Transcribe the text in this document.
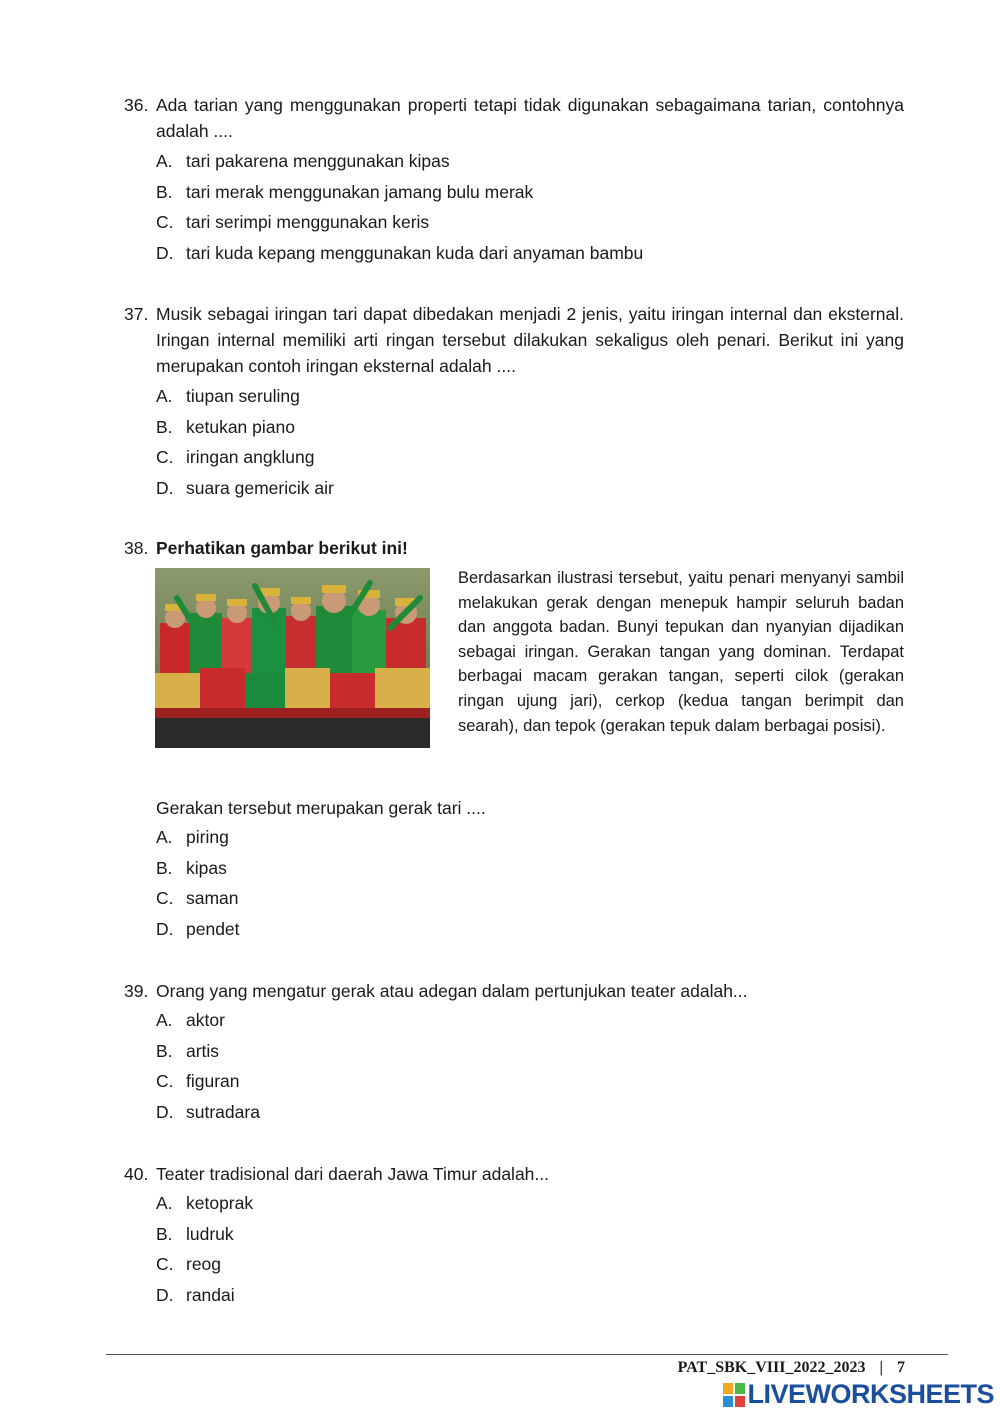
36. Ada tarian yang menggunakan properti tetapi tidak digunakan sebagaimana tarian, contohnya adalah ....
A. tari pakarena menggunakan kipas
B. tari merak menggunakan jamang bulu merak
C. tari serimpi menggunakan keris
D. tari kuda kepang menggunakan kuda dari anyaman bambu
37. Musik sebagai iringan tari dapat dibedakan menjadi 2 jenis, yaitu iringan internal dan eksternal. Iringan internal memiliki arti ringan tersebut dilakukan sekaligus oleh penari. Berikut ini yang merupakan contoh iringan eksternal adalah ....
A. tiupan seruling
B. ketukan piano
C. iringan angklung
D. suara gemericik air
38. Perhatikan gambar berikut ini!
Berdasarkan ilustrasi tersebut, yaitu penari menyanyi sambil melakukan gerak dengan menepuk hampir seluruh badan dan anggota badan. Bunyi tepukan dan nyanyian dijadikan sebagai iringan. Gerakan tangan yang dominan. Terdapat berbagai macam gerakan tangan, seperti cilok (gerakan ringan ujung jari), cerkop (kedua tangan berimpit dan searah), dan tepok (gerakan tepuk dalam berbagai posisi).
Gerakan tersebut merupakan gerak tari ....
A. piring
B. kipas
C. saman
D. pendet
39. Orang yang mengatur gerak atau adegan dalam pertunjukan teater adalah...
A. aktor
B. artis
C. figuran
D. sutradara
40. Teater tradisional dari daerah Jawa Timur adalah...
A. ketoprak
B. ludruk
C. reog
D. randai
PAT_SBK_VIII_2022_2023 | 7
LIVEWORKSHEETS
